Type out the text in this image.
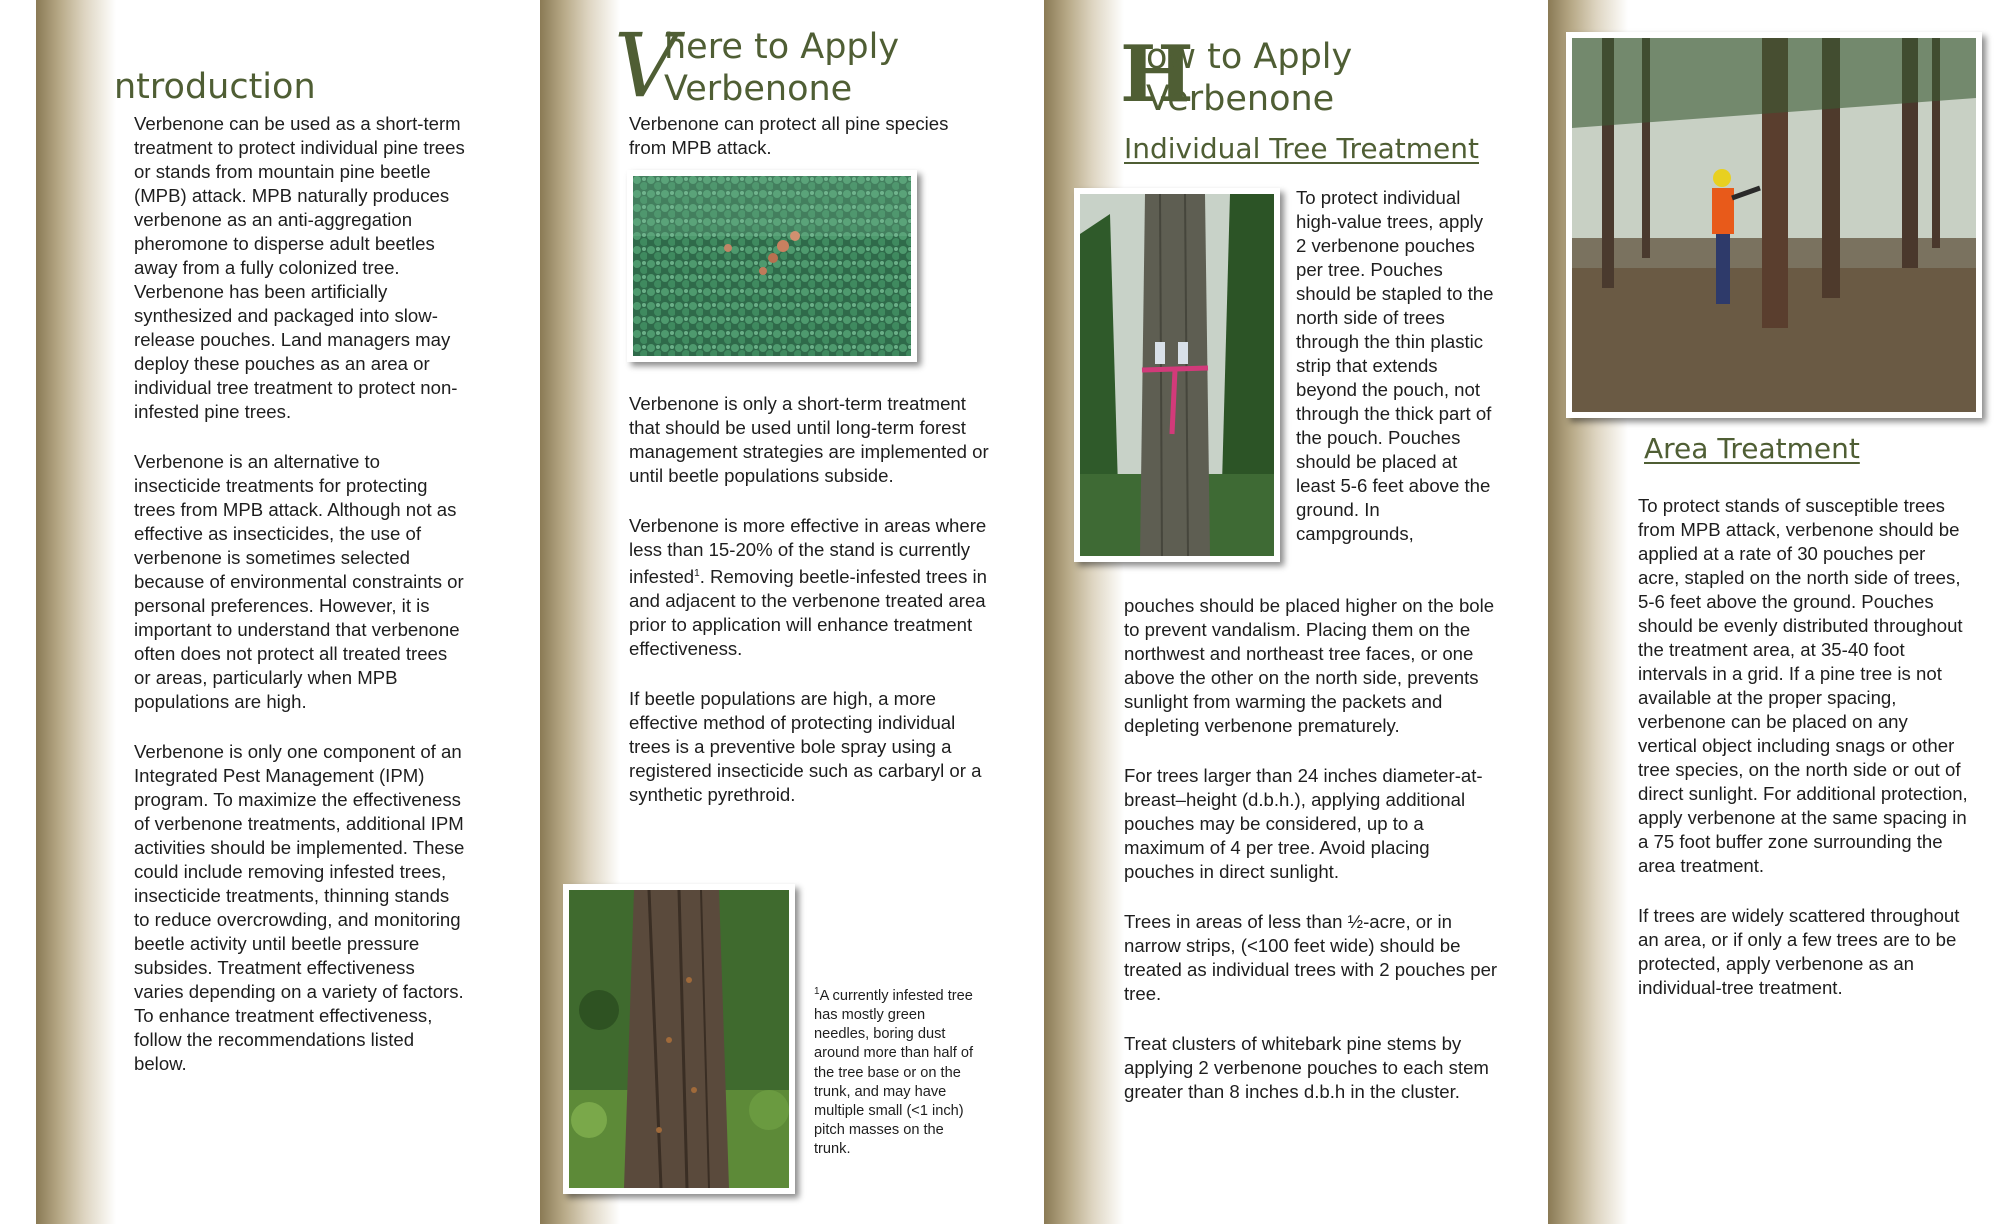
ntroduction

Verbenone can be used as a short-term treatment to protect individual pine trees or stands from mountain pine beetle (MPB) attack. MPB naturally produces verbenone as an anti-aggregation pheromone to disperse adult beetles away from a fully colonized tree. Verbenone has been artificially synthesized and packaged into slow-release pouches. Land managers may deploy these pouches as an area or individual tree treatment to protect non-infested pine trees.

Verbenone is an alternative to insecticide treatments for protecting trees from MPB attack. Although not as effective as insecticides, the use of verbenone is sometimes selected because of environmental constraints or personal preferences. However, it is important to understand that verbenone often does not protect all treated trees or areas, particularly when MPB populations are high.

Verbenone is only one component of an Integrated Pest Management (IPM) program. To maximize the effectiveness of verbenone treatments, additional IPM activities should be implemented. These could include removing infested trees, insecticide treatments, thinning stands to reduce overcrowding, and monitoring beetle activity until beetle pressure subsides. Treatment effectiveness varies depending on a variety of factors. To enhance treatment effectiveness, follow the recommendations listed below.

V
here to Apply
Verbenone
Verbenone can protect all pine species from MPB attack.

Verbenone is only a short-term treatment that should be used until long-term forest management strategies are implemented or until beetle populations subside.

Verbenone is more effective in areas where less than 15-20% of the stand is currently infested$^1$. Removing beetle-infested trees in and adjacent to the verbenone treated area prior to application will enhance treatment effectiveness.

If beetle populations are high, a more effective method of protecting individual trees is a preventive bole spray using a registered insecticide such as carbaryl or a synthetic pyrethroid.

$^1$A currently infested tree has mostly green needles, boring dust around more than half of the tree base or on the trunk, and may have multiple small (<1 inch) pitch masses on the trunk.
H
ow to Apply
Verbenone
Individual Tree Treatment
To protect individual high-value trees, apply 2 verbenone pouches per tree. Pouches should be stapled to the north side of trees through the thin plastic strip that extends beyond the pouch, not through the thick part of the pouch. Pouches should be placed at least 5-6 feet above the ground. In campgrounds,

pouches should be placed higher on the bole to prevent vandalism. Placing them on the northwest and northeast tree faces, or one above the other on the north side, prevents sunlight from warming the packets and depleting verbenone prematurely.

For trees larger than 24 inches diameter-at-breast–height (d.b.h.), applying additional pouches may be considered, up to a maximum of 4 per tree. Avoid placing pouches in direct sunlight.

Trees in areas of less than ½-acre, or in narrow strips, (<100 feet wide) should be treated as individual trees with 2 pouches per tree.

Treat clusters of whitebark pine stems by applying 2 verbenone pouches to each stem greater than 8 inches d.b.h in the cluster.

Area Treatment

To protect stands of susceptible trees from MPB attack, verbenone should be applied at a rate of 30 pouches per acre, stapled on the north side of trees, 5-6 feet above the ground. Pouches should be evenly distributed throughout the treatment area, at 35-40 foot intervals in a grid. If a pine tree is not available at the proper spacing, verbenone can be placed on any vertical object including snags or other tree species, on the north side or out of direct sunlight. For additional protection, apply verbenone at the same spacing in a 75 foot buffer zone surrounding the area treatment.

If trees are widely scattered throughout an area, or if only a few trees are to be protected, apply verbenone as an individual-tree treatment.
